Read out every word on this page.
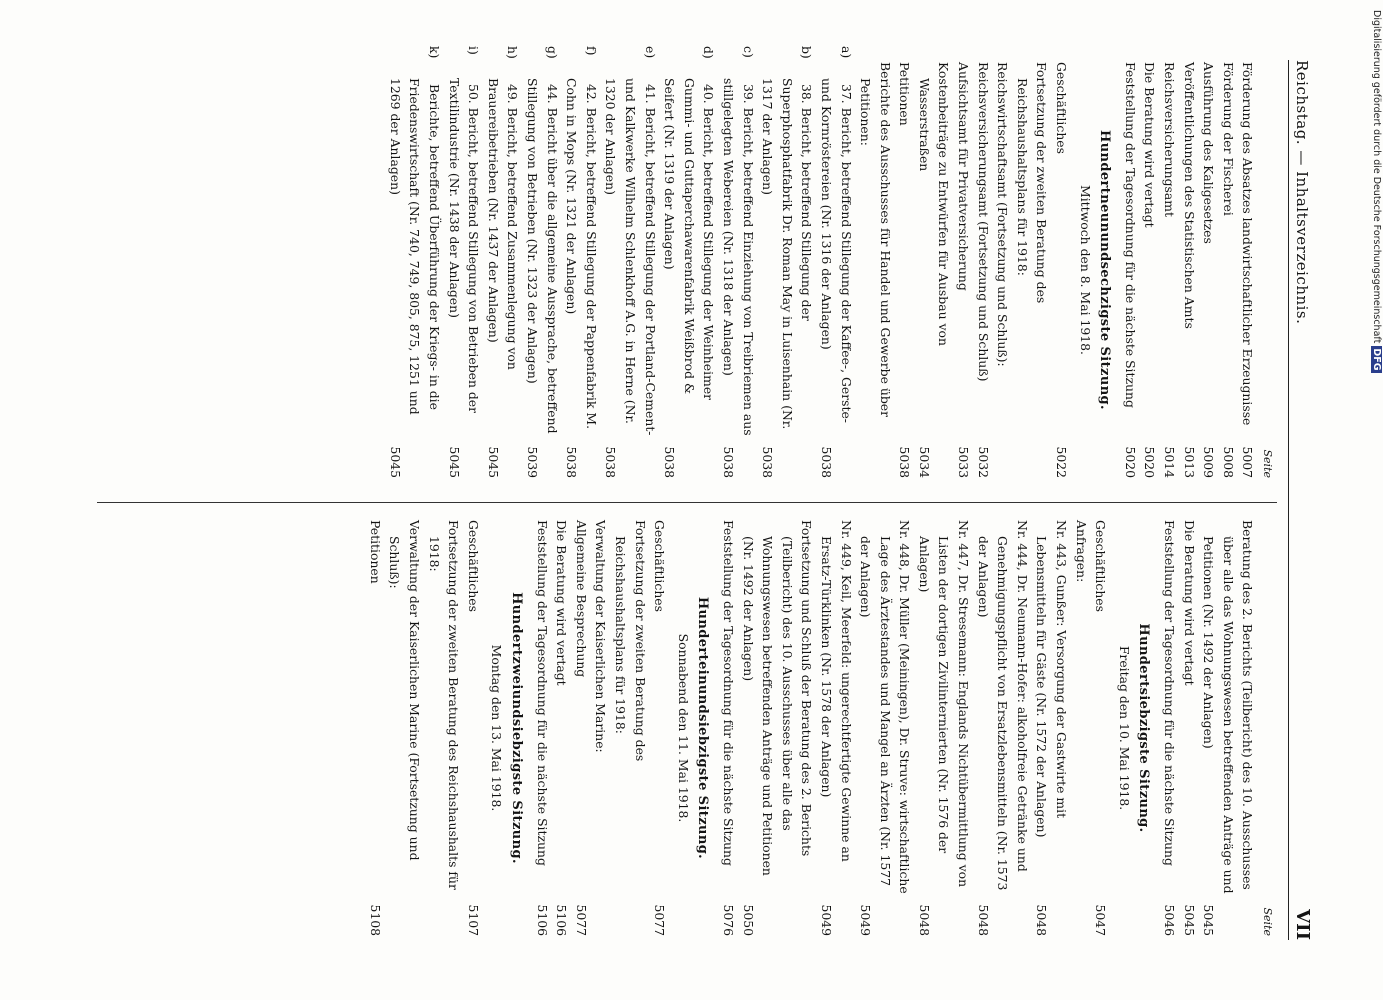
Reichstag. — Inhaltsverzeichnis.
VII
Seite
Förderung des Absatzes landwirtschaftlicher Erzeugnisse
5007
Förderung der Fischerei
5008
Ausführung des Kaligesetzes
5009
Veröffentlichungen des Statistischen Amts
5013
Reichsversicherungsamt
5014
Die Beratung wird vertagt
5020
Feststellung der Tagesordnung für die nächste Sitzung
5020
Hundertneunundsechzigste Sitzung.
Mittwoch den 8. Mai 1918.
Geschäftliches
5022
Fortsetzung der zweiten Beratung des Reichshaushaltsplans für 1918:
Reichswirtschaftsamt (Fortsetzung und Schluß):
Reichsversicherungsamt (Fortsetzung und Schluß)
5032
Aufsichtsamt für Privatversicherung
5033
Kostenbeiträge zu Entwürfen für Ausbau von Wasserstraßen
5034
Petitionen
5038
Berichte des Ausschusses für Handel und Gewerbe über Petitionen:
a)37. Bericht, betreffend Stillegung der Kaffee-, Gerste- und Kornröstereien (Nr. 1316 der Anlagen)
5038
b)38. Bericht, betreffend Stillegung der Superphosphatfabrik Dr. Roman May in Luisenhain (Nr. 1317 der Anlagen)
5038
c)39. Bericht, betreffend Einziehung von Treibriemen aus stillgelegten Webereien (Nr. 1318 der Anlagen)
5038
d)40. Bericht, betreffend Stillegung der Weinheimer Gummi- und Guttaperchawarenfabrik Weißbrod & Seifert (Nr. 1319 der Anlagen)
5038
e)41. Bericht, betreffend Stillegung der Portland-Cement- und Kalkwerke Wilhelm Schlenkhoff A.G. in Herne (Nr. 1320 der Anlagen)
5038
f)42. Bericht, betreffend Stillegung der Pappenfabrik M. Cohn in Mops (Nr. 1321 der Anlagen)
5038
g)44. Bericht über die allgemeine Aussprache, betreffend Stillegung von Betrieben (Nr. 1323 der Anlagen)
5039
h)49. Bericht, betreffend Zusammenlegung von Brauereibetrieben (Nr. 1437 der Anlagen)
5045
i)50. Bericht, betreffend Stillegung von Betrieben der Textilindustrie (Nr. 1438 der Anlagen)
5045
k)Berichte, betreffend Überführung der Kriegs- in die Friedenswirtschaft (Nr. 740, 749, 805, 875, 1251 und 1269 der Anlagen)
5045
Seite
Beratung des 2. Berichts (Teilbericht) des 10. Ausschusses über alle das Wohnungswesen betreffenden Anträge und Petitionen (Nr. 1492 der Anlagen)
5045
Die Beratung wird vertagt
5045
Feststellung der Tagesordnung für die nächste Sitzung
5046
Hundertsiebzigste Sitzung.
Freitag den 10. Mai 1918.
Geschäftliches
5047
Anfragen:
Nr. 443, Gunßer: Versorgung der Gastwirte mit Lebensmitteln für Gäste (Nr. 1572 der Anlagen)
5048
Nr. 444, Dr. Neumann-Hofer: alkoholfreie Getränke und Genehmigungspflicht von Ersatzlebensmitteln (Nr. 1573 der Anlagen)
5048
Nr. 447, Dr. Stresemann: Englands Nichtübermittlung von Listen der dortigen Zivilinternierten (Nr. 1576 der Anlagen)
5048
Nr. 448, Dr. Müller (Meiningen), Dr. Struve: wirtschaftliche Lage des Ärztestandes und Mangel an Ärzten (Nr. 1577 der Anlagen)
5049
Nr. 449, Keil, Meerfeld: ungerechtfertigte Gewinne an Ersatz-Türklinken (Nr. 1578 der Anlagen)
5049
Fortsetzung und Schluß der Beratung des 2. Berichts (Teilbericht) des 10. Ausschusses über alle das Wohnungswesen betreffenden Anträge und Petitionen (Nr. 1492 der Anlagen)
5050
Feststellung der Tagesordnung für die nächste Sitzung
5076
Hunderteinundsiebzigste Sitzung.
Sonnabend den 11. Mai 1918.
Geschäftliches
5077
Fortsetzung der zweiten Beratung des Reichshaushaltsplans für 1918:
Verwaltung der Kaiserlichen Marine:
Allgemeine Besprechung
5077
Die Beratung wird vertagt
5106
Feststellung der Tagesordnung für die nächste Sitzung
5106
Hundertzweiundsiebzigste Sitzung.
Montag den 13. Mai 1918.
Geschäftliches
5107
Fortsetzung der zweiten Beratung des Reichshaushalts für 1918:
Verwaltung der Kaiserlichen Marine (Fortsetzung und Schluß):
Petitionen
5108
Digitalisierung gefördert durch die Deutsche ForschungsgemeinschaftDFG
